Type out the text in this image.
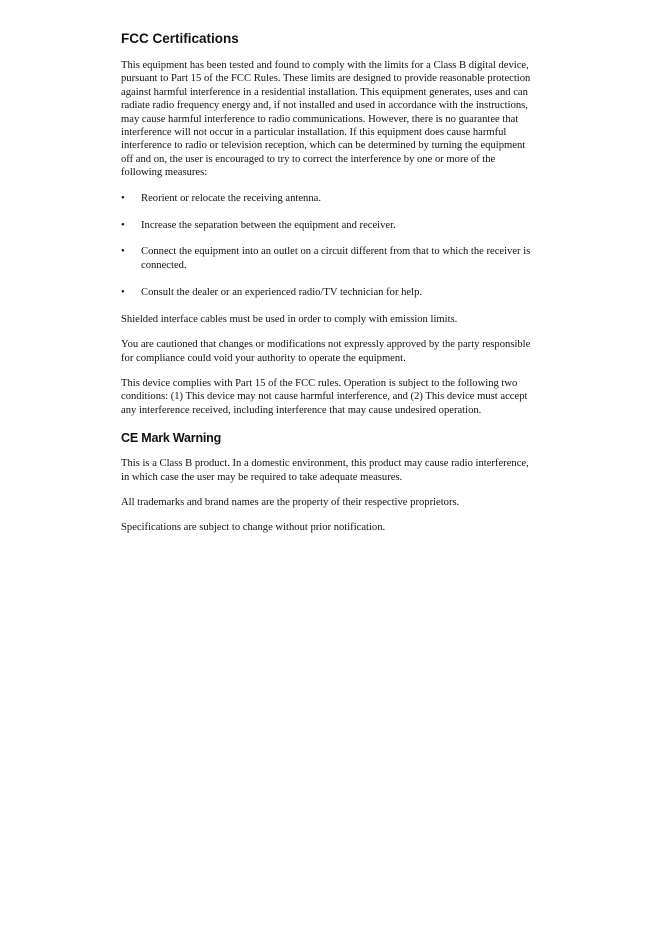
FCC Certifications

This equipment has been tested and found to comply with the limits for a Class B digital device, pursuant to Part 15 of the FCC Rules. These limits are designed to provide reasonable protection against harmful interference in a residential installation. This equipment generates, uses and can radiate radio frequency energy and, if not installed and used in accordance with the instructions, may cause harmful interference to radio communications. However, there is no guarantee that interference will not occur in a particular installation. If this equipment does cause harmful interference to radio or television reception, which can be determined by turning the equipment off and on, the user is encouraged to try to correct the interference by one or more of the following measures:

• Reorient or relocate the receiving antenna.
• Increase the separation between the equipment and receiver.
• Connect the equipment into an outlet on a circuit different from that to which the receiver is connected.
• Consult the dealer or an experienced radio/TV technician for help.

Shielded interface cables must be used in order to comply with emission limits.

You are cautioned that changes or modifications not expressly approved by the party responsible for compliance could void your authority to operate the equipment.

This device complies with Part 15 of the FCC rules. Operation is subject to the following two conditions: (1) This device may not cause harmful interference, and (2) This device must accept any interference received, including interference that may cause undesired operation.

CE Mark Warning

This is a Class B product. In a domestic environment, this product may cause radio interference, in which case the user may be required to take adequate measures.

All trademarks and brand names are the property of their respective proprietors.

Specifications are subject to change without prior notification.
